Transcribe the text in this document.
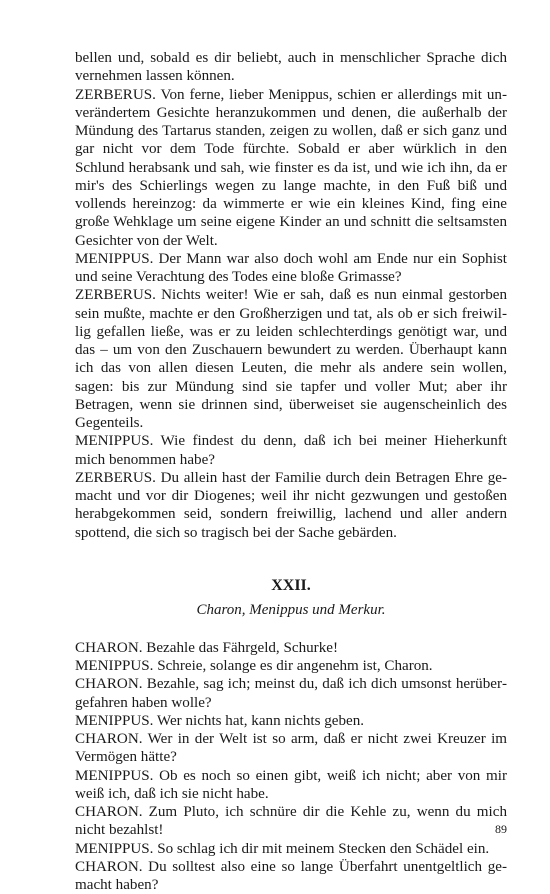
bellen und, sobald es dir beliebt, auch in menschlicher Sprache dich vernehmen lassen können.

ZERBERUS. Von ferne, lieber Menippus, schien er allerdings mit unverändertem Gesichte heranzukommen und denen, die außerhalb der Mündung des Tartarus standen, zeigen zu wollen, daß er sich ganz und gar nicht vor dem Tode fürchte. Sobald er aber würklich in den Schlund herabsank und sah, wie finster es da ist, und wie ich ihn, da er mir's des Schierlings wegen zu lange machte, in den Fuß biß und vollends hereinzog: da wimmerte er wie ein kleines Kind, fing eine große Wehklage um seine eigene Kinder an und schnitt die seltsamsten Gesichter von der Welt.

MENIPPUS. Der Mann war also doch wohl am Ende nur ein Sophist und seine Verachtung des Todes eine bloße Grimasse?

ZERBERUS. Nichts weiter! Wie er sah, daß es nun einmal gestorben sein mußte, machte er den Großherzigen und tat, als ob er sich freiwillig gefallen ließe, was er zu leiden schlechterdings genötigt war, und das – um von den Zuschauern bewundert zu werden. Überhaupt kann ich das von allen diesen Leuten, die mehr als andere sein wollen, sagen: bis zur Mündung sind sie tapfer und voller Mut; aber ihr Betragen, wenn sie drinnen sind, überweiset sie augenscheinlich des Gegenteils.

MENIPPUS. Wie findest du denn, daß ich bei meiner Hieherkunft mich benommen habe?

ZERBERUS. Du allein hast der Familie durch dein Betragen Ehre gemacht und vor dir Diogenes; weil ihr nicht gezwungen und gestoßen herabgekommen seid, sondern freiwillig, lachend und aller andern spottend, die sich so tragisch bei der Sache gebärden.

XXII.
Charon, Menippus und Merkur.

CHARON. Bezahle das Fährgeld, Schurke!

MENIPPUS. Schreie, solange es dir angenehm ist, Charon.

CHARON. Bezahle, sag ich; meinst du, daß ich dich umsonst herübergefahren haben wolle?

MENIPPUS. Wer nichts hat, kann nichts geben.

CHARON. Wer in der Welt ist so arm, daß er nicht zwei Kreuzer im Vermögen hätte?

MENIPPUS. Ob es noch so einen gibt, weiß ich nicht; aber von mir weiß ich, daß ich sie nicht habe.

CHARON. Zum Pluto, ich schnüre dir die Kehle zu, wenn du mich nicht bezahlst!

MENIPPUS. So schlag ich dir mit meinem Stecken den Schädel ein.

CHARON. Du solltest also eine so lange Überfahrt unentgeltlich gemacht haben?

89
